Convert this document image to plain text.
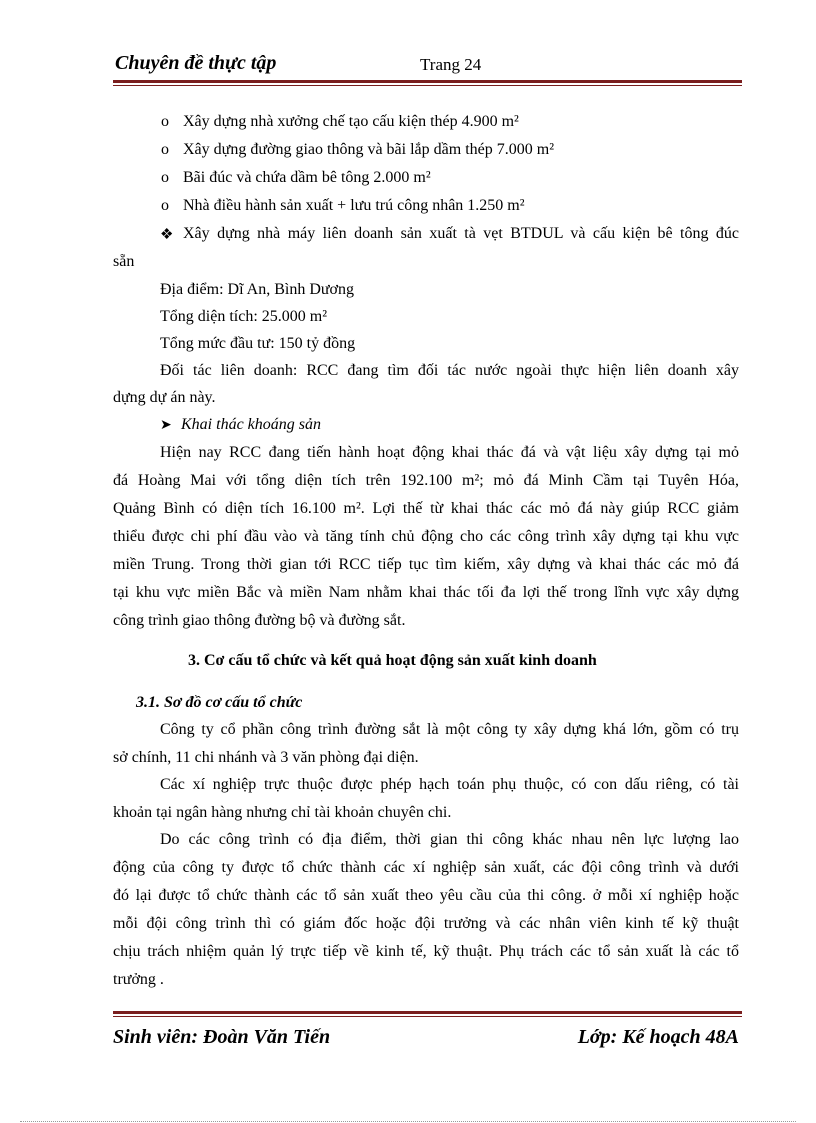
Chuyên đề thực tập	Trang 24
o Xây dựng nhà xưởng chế tạo cấu kiện thép 4.900 m²
o Xây dựng đường giao thông và bãi lắp dầm thép 7.000 m²
o Bãi đúc và chứa dầm bê tông 2.000 m²
o Nhà điều hành sản xuất + lưu trú công nhân 1.250 m²
❖ Xây dựng nhà máy liên doanh sản xuất tà vẹt BTDUL và cấu kiện bê tông đúc
sẵn
Địa điểm: Dĩ An, Bình Dương
Tổng diện tích: 25.000 m²
Tổng mức đầu tư: 150 tỷ đồng
Đối tác liên doanh: RCC đang tìm đối tác nước ngoài thực hiện liên doanh xây
dựng dự án này.
➤ Khai thác khoáng sản
Hiện nay RCC đang tiến hành hoạt động khai thác đá và vật liệu xây dựng tại mỏ
đá Hoàng Mai với tổng diện tích trên 192.100 m²; mỏ đá Minh Cầm tại Tuyên Hóa,
Quảng Bình có diện tích 16.100 m². Lợi thế từ khai thác các mỏ đá này giúp RCC giảm
thiểu được chi phí đầu vào và tăng tính chủ động cho các công trình xây dựng tại khu vực
miền Trung. Trong thời gian tới RCC tiếp tục tìm kiếm, xây dựng và khai thác các mỏ đá
tại khu vực miền Bắc và miền Nam nhằm khai thác tối đa lợi thế trong lĩnh vực xây dựng
công trình giao thông đường bộ và đường sắt.
3. Cơ cấu tổ chức và kết quả hoạt động sản xuất kinh doanh
3.1. Sơ đồ cơ cấu tổ chức
Công ty cổ phần công trình đường sắt là một công ty xây dựng khá lớn, gồm có trụ
sở chính, 11 chi nhánh và 3 văn phòng đại diện.
Các xí nghiệp trực thuộc được phép hạch toán phụ thuộc, có con dấu riêng, có tài
khoản tại ngân hàng nhưng chỉ tài khoản chuyên chi.
Do các công trình có địa điểm, thời gian thi công khác nhau nên lực lượng lao
động của công ty được tổ chức thành các xí nghiệp sản xuất, các đội công trình và dưới
đó lại được tổ chức thành các tổ sản xuất theo yêu cầu của thi công. ở mỗi xí nghiệp hoặc
mỗi đội công trình thì có giám đốc hoặc đội trưởng và các nhân viên kinh tế kỹ thuật
chịu trách nhiệm quản lý trực tiếp về kinh tế, kỹ thuật. Phụ trách các tổ sản xuất là các tổ
trưởng .
Sinh viên: Đoàn Văn Tiến	Lớp: Kế hoạch 48A
